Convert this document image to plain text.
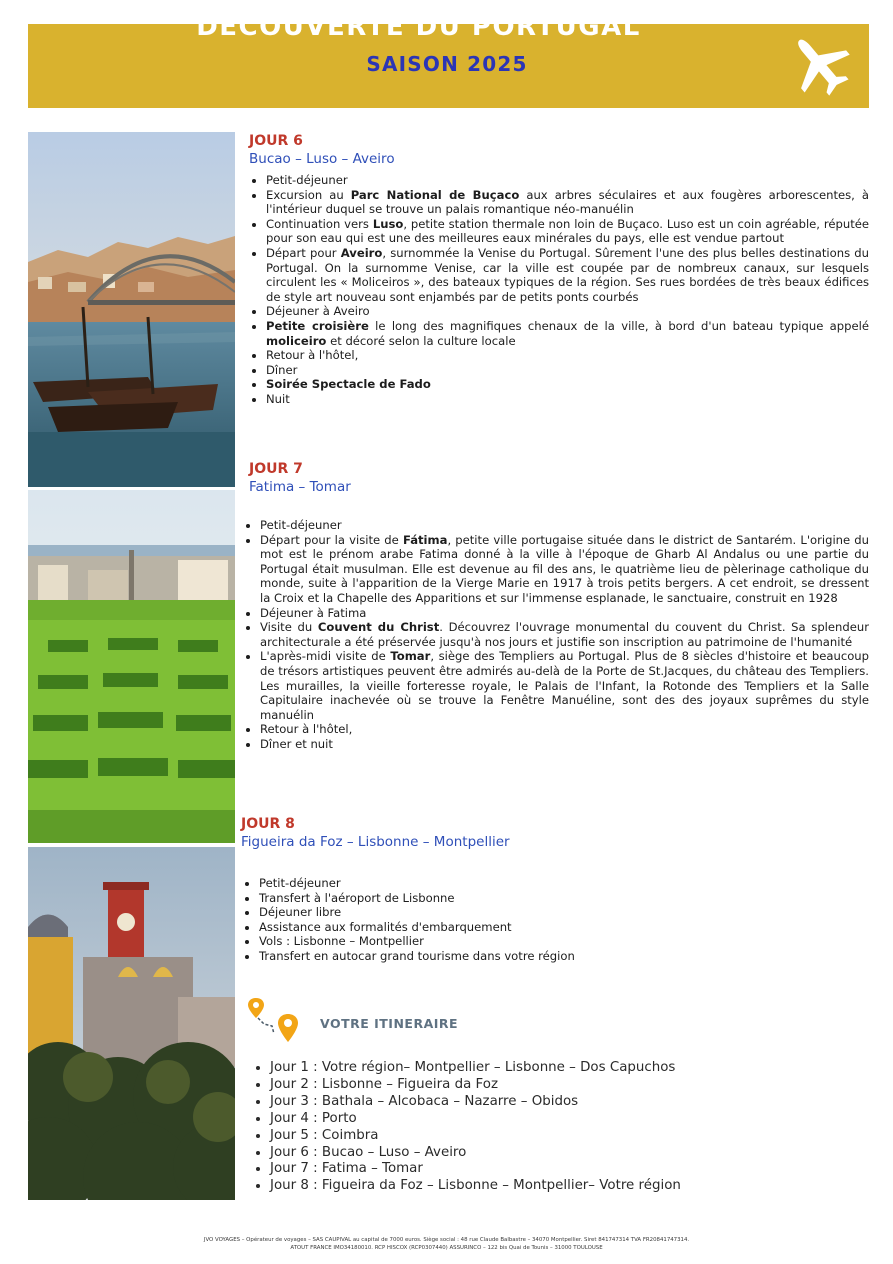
DECOUVERTE DU PORTUGAL
SAISON 2025
JOUR 6
Bucao – Luso – Aveiro
• Petit-déjeuner
• Excursion au Parc National de Buçaco aux arbres séculaires et aux fougères arborescentes, à l'intérieur duquel se trouve un palais romantique néo-manuélin
• Continuation vers Luso, petite station thermale non loin de Buçaco. Luso est un coin agréable, réputée pour son eau qui est une des meilleures eaux minérales du pays, elle est vendue partout
• Départ pour Aveiro, surnommée la Venise du Portugal. Sûrement l'une des plus belles destinations du Portugal. On la surnomme Venise, car la ville est coupée par de nombreux canaux, sur lesquels circulent les « Moliceiros », des bateaux typiques de la région. Ses rues bordées de très beaux édifices de style art nouveau sont enjambés par de petits ponts courbés
• Déjeuner à Aveiro
• Petite croisière le long des magnifiques chenaux de la ville, à bord d'un bateau typique appelé moliceiro et décoré selon la culture locale
• Retour à l'hôtel,
• Dîner
• Soirée Spectacle de Fado
• Nuit
JOUR 7
Fatima – Tomar
• Petit-déjeuner
• Départ pour la visite de Fátima, petite ville portugaise située dans le district de Santarém. L'origine du mot est le prénom arabe Fatima donné à la ville à l'époque de Gharb Al Andalus ou une partie du Portugal était musulman. Elle est devenue au fil des ans, le quatrième lieu de pèlerinage catholique du monde, suite à l'apparition de la Vierge Marie en 1917 à trois petits bergers. A cet endroit, se dressent la Croix et la Chapelle des Apparitions et sur l'immense esplanade, le sanctuaire, construit en 1928
• Déjeuner à Fatima
• Visite du Couvent du Christ. Découvrez l'ouvrage monumental du couvent du Christ. Sa splendeur architecturale a été préservée jusqu'à nos jours et justifie son inscription au patrimoine de l'humanité
• L'après-midi visite de Tomar, siège des Templiers au Portugal. Plus de 8 siècles d'histoire et beaucoup de trésors artistiques peuvent être admirés au-delà de la Porte de St.Jacques, du château des Templiers. Les murailles, la vieille forteresse royale, le Palais de l'Infant, la Rotonde des Templiers et la Salle Capitulaire inachevée où se trouve la Fenêtre Manuéline, sont des des joyaux suprêmes du style manuélin
• Retour à l'hôtel,
• Dîner et nuit
JOUR 8
Figueira da Foz – Lisbonne – Montpellier
• Petit-déjeuner
• Transfert à l'aéroport de Lisbonne
• Déjeuner libre
• Assistance aux formalités d'embarquement
• Vols : Lisbonne – Montpellier
• Transfert en autocar grand tourisme dans votre région
VOTRE ITINERAIRE
• Jour 1 : Votre région– Montpellier – Lisbonne – Dos Capuchos
• Jour 2 : Lisbonne – Figueira da Foz
• Jour 3 : Bathala – Alcobaca – Nazarre – Obidos
• Jour 4 : Porto
• Jour 5 : Coimbra
• Jour 6 : Bucao – Luso – Aveiro
• Jour 7 : Fatima – Tomar
• Jour 8 : Figueira da Foz – Lisbonne – Montpellier– Votre région
JVO VOYAGES – Opérateur de voyages – SAS CAUPIVAL au capital de 7000 euros. Siège social : 48 rue Claude Balbastre – 34070 Montpellier. Siret 84174731​4 TVA FR20841747314.
ATOUT FRANCE IMO34180010. RCP HISCOX (RCP0307440) ASSURINCO – 122 bis Quai de Tounis – 31000 TOULOUSE
